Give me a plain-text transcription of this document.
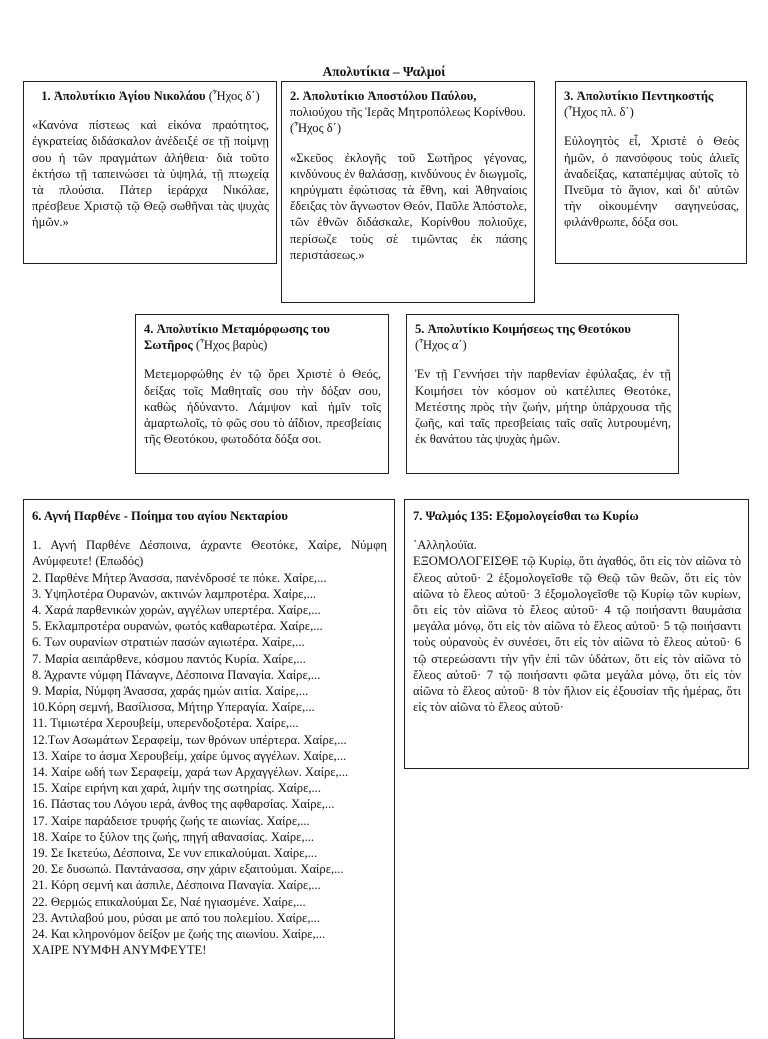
Απολυτίκια – Ψαλμοί
1. Ἀπολυτίκιο Ἁγίου Νικολάου (Ἦχος δ΄)

«Κανόνα πίστεως καὶ εἰκόνα πραότητος, ἐγκρατείας διδάσκαλον ἀνέδειξέ σε τῇ ποίμνῃ σου ἡ τῶν πραγμάτων ἀλήθεια· διὰ τοῦτο ἐκτήσω τῇ ταπεινώσει τὰ ὑψηλά, τῇ πτωχείᾳ τὰ πλούσια. Πάτερ ἱεράρχα Νικόλαε, πρέσβευε Χριστῷ τῷ Θεῷ σωθῆναι τὰς ψυχὰς ἡμῶν.»

2. Ἀπολυτίκιο Ἀποστόλου Παύλου,
πολιούχου τῆς Ἱερᾶς Μητροπόλεως Κορίνθου. (Ἦχος δ΄)

«Σκεῦος ἐκλογῆς τοῦ Σωτῆρος γέγονας, κινδύνους ἐν θαλάσσῃ, κινδύνους ἐν διωγμοῖς, κηρύγματι ἐφώτισας τὰ ἔθνη, καὶ Ἀθηναίοις ἔδειξας τὸν ἄγνωστον Θεόν, Παῦλε Ἀπόστολε, τῶν ἐθνῶν διδάσκαλε, Κορίνθου πολιοῦχε, περίσωζε τοὺς σὲ τιμῶντας ἐκ πάσης περιστάσεως.»

3. Ἀπολυτίκιο Πεντηκοστής
(Ἦχος πλ. δ΄)

Εὐλογητὸς εἶ, Χριστὲ ὁ Θεὸς ἡμῶν, ὁ πανσόφους τοὺς ἁλιεῖς ἀναδείξας, καταπέμψας αὐτοῖς τὸ Πνεῦμα τὸ ἅγιον, καὶ δι' αὐτῶν τὴν οἰκουμένην σαγηνεύσας, φιλάνθρωπε, δόξα σοι.

4. Ἀπολυτίκιο Μεταμόρφωσης του Σωτῆρος (Ἦχος βαρὺς)

Μετεμορφώθης ἐν τῷ ὄρει Χριστὲ ὁ Θεός, δείξας τοῖς Μαθηταῖς σου τὴν δόξαν σου, καθὼς ἠδύναντο. Λάμψον καὶ ἡμῖν τοῖς ἁμαρτωλοῖς, τὸ φῶς σου τὸ ἀΐδιον, πρεσβείαις τῆς Θεοτόκου, φωτοδότα δόξα σοι.

5. Ἀπολυτίκιο Κοιμήσεως της Θεοτόκου
(Ἦχος α΄)

Ἐν τῇ Γεννήσει τὴν παρθενίαν ἐφύλαξας, ἐν τῇ Κοιμήσει τὸν κόσμον οὐ κατέλιπες Θεοτόκε, Μετέστης πρὸς τὴν ζωήν, μήτηρ ὑπάρχουσα τῆς ζωῆς, καὶ ταῖς πρεσβείαις ταῖς σαῖς λυτρουμένη, ἐκ θανάτου τὰς ψυχὰς ἡμῶν.

6. Αγνή Παρθένε - Ποίημα του αγίου Νεκταρίου
1. Αγνή Παρθένε Δέσποινα, άχραντε Θεοτόκε, Χαίρε, Νύμφη Ανύμφευτε! (Επωδός)
2. Παρθένε Μήτερ Άνασσα, πανένδροσέ τε πόκε. Χαίρε,...
3. Υψηλοτέρα Ουρανών, ακτινών λαμπροτέρα. Χαίρε,...
4. Χαρά παρθενικών χορών, αγγέλων υπερτέρα. Χαίρε,...
5. Εκλαμπροτέρα ουρανών, φωτός καθαρωτέρα. Χαίρε,...
6. Των ουρανίων στρατιών πασών αγιωτέρα. Χαίρε,...
7. Μαρία αειπάρθενε, κόσμου παντός Κυρία. Χαίρε,...
8. Άχραντε νύμφη Πάναγνε, Δέσποινα Παναγία. Χαίρε,...
9. Μαρία, Νύμφη Άνασσα, χαράς ημών αιτία. Χαίρε,...
10.Κόρη σεμνή, Βασίλισσα, Μήτηρ Υπεραγία. Χαίρε,...
11. Τιμιωτέρα Χερουβείμ, υπερενδοξοτέρα. Χαίρε,...
12.Των Ασωμάτων Σεραφείμ, των θρόνων υπέρτερα. Χαίρε,...
13. Χαίρε το άσμα Χερουβείμ, χαίρε ύμνος αγγέλων. Χαίρε,...
14. Χαίρε ωδή των Σεραφείμ, χαρά των Αρχαγγέλων. Χαίρε,...
15. Χαίρε ειρήνη και χαρά, λιμήν της σωτηρίας. Χαίρε,...
16. Πάστας του Λόγου ιερά, άνθος της αφθαρσίας. Χαίρε,...
17. Χαίρε παράδεισε τρυφής ζωής τε αιωνίας. Χαίρε,...
18. Χαίρε το ξύλον της ζωής, πηγή αθανασίας. Χαίρε,...
19. Σε Ικετεύω, Δέσποινα, Σε νυν επικαλούμαι. Χαίρε,...
20. Σε δυσωπώ. Παντάνασσα, σην χάριν εξαιτούμαι. Χαίρε,...
21. Κόρη σεμνή και άσπιλε, Δέσποινα Παναγία. Χαίρε,...
22. Θερμώς επικαλούμαι Σε, Ναέ ηγιασμένε. Χαίρε,...
23. Αντιλαβού μου, ρύσαι με από του πολεμίου. Χαίρε,...
24. Και κληρονόμον δείξον με ζωής της αιωνίου. Χαίρε,...
ΧΑΙΡΕ ΝΥΜΦΗ ΑΝΥΜΦΕΥΤΕ!
7. Ψαλμός 135: Εξομολογείσθαι τω Κυρίω
᾿Αλληλούϊα.

ΕΞΟΜΟΛΟΓΕΙΣΘΕ τῷ Κυρίῳ, ὅτι ἀγαθός, ὅτι εἰς τὸν αἰῶνα τὸ ἔλεος αὐτοῦ· 2 ἐξομολογεῖσθε τῷ Θεῷ τῶν θεῶν, ὅτι εἰς τὸν αἰῶνα τὸ ἔλεος αὐτοῦ· 3 ἐξομολογεῖσθε τῷ Κυρίῳ τῶν κυρίων, ὅτι εἰς τὸν αἰῶνα τὸ ἔλεος αὐτοῦ· 4 τῷ ποιήσαντι θαυμάσια μεγάλα μόνῳ, ὅτι εἰς τὸν αἰῶνα τὸ ἔλεος αὐτοῦ· 5 τῷ ποιήσαντι τοὺς οὐρανοὺς ἐν συνέσει, ὅτι εἰς τὸν αἰῶνα τὸ ἔλεος αὐτοῦ· 6 τῷ στερεώσαντι τὴν γῆν ἐπὶ τῶν ὑδάτων, ὅτι εἰς τὸν αἰῶνα τὸ ἔλεος αὐτοῦ· 7 τῷ ποιήσαντι φῶτα μεγάλα μόνῳ, ὅτι εἰς τὸν αἰῶνα τὸ ἔλεος αὐτοῦ· 8 τὸν ἥλιον εἰς ἐξουσίαν τῆς ἡμέρας, ὅτι εἰς τὸν αἰῶνα τὸ ἔλεος αὐτοῦ·
